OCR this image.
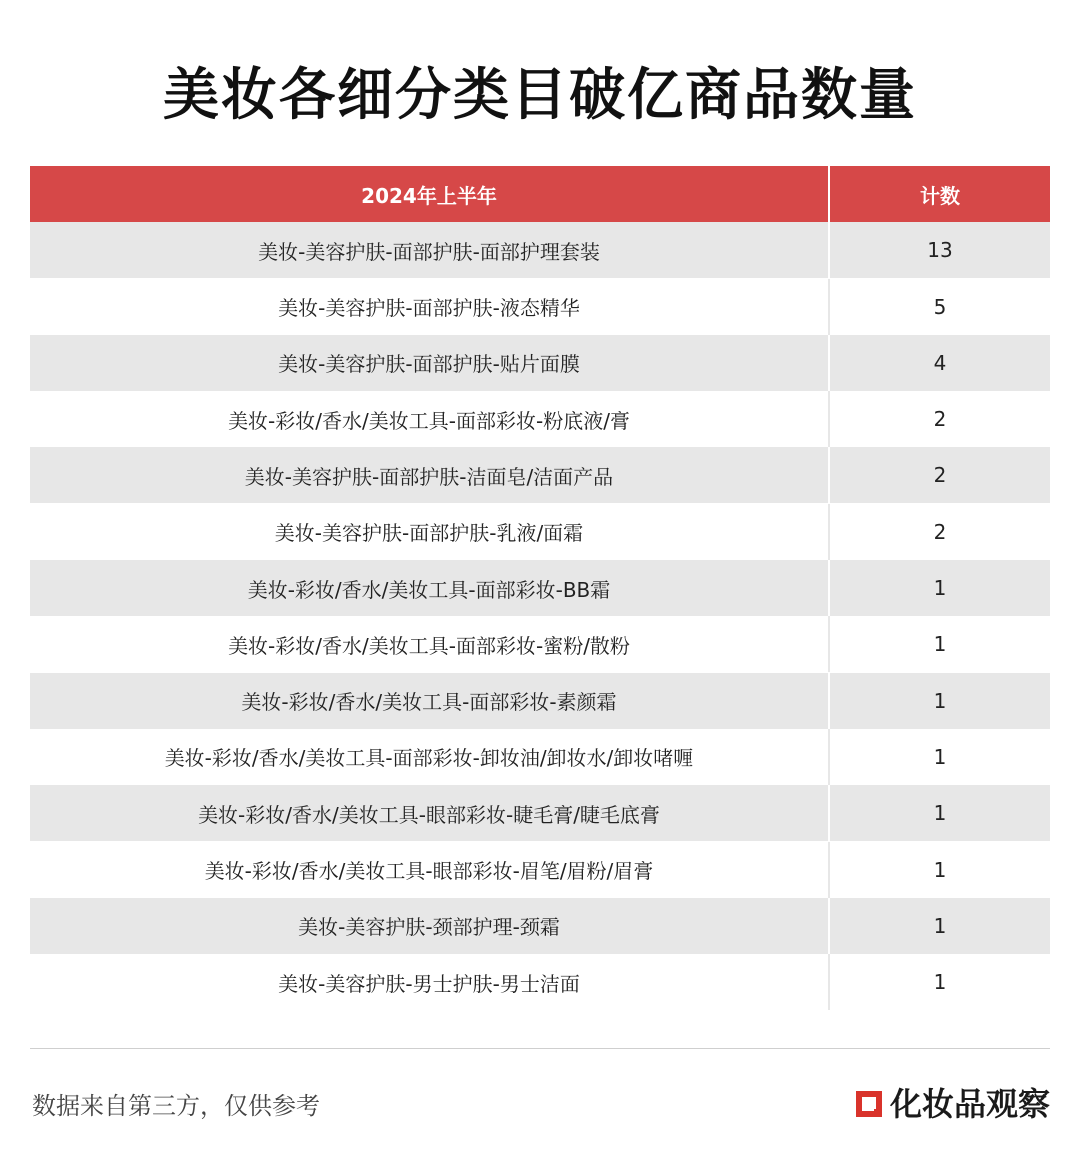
美妆各细分类目破亿商品数量
2024年上半年	计数
美妆-美容护肤-面部护肤-面部护理套装	13
美妆-美容护肤-面部护肤-液态精华	5
美妆-美容护肤-面部护肤-贴片面膜	4
美妆-彩妆/香水/美妆工具-面部彩妆-粉底液/膏	2
美妆-美容护肤-面部护肤-洁面皂/洁面产品	2
美妆-美容护肤-面部护肤-乳液/面霜	2
美妆-彩妆/香水/美妆工具-面部彩妆-BB霜	1
美妆-彩妆/香水/美妆工具-面部彩妆-蜜粉/散粉	1
美妆-彩妆/香水/美妆工具-面部彩妆-素颜霜	1
美妆-彩妆/香水/美妆工具-面部彩妆-卸妆油/卸妆水/卸妆啫喱	1
美妆-彩妆/香水/美妆工具-眼部彩妆-睫毛膏/睫毛底膏	1
美妆-彩妆/香水/美妆工具-眼部彩妆-眉笔/眉粉/眉膏	1
美妆-美容护肤-颈部护理-颈霜	1
美妆-美容护肤-男士护肤-男士洁面	1
数据来自第三方，仅供参考	化妆品观察
